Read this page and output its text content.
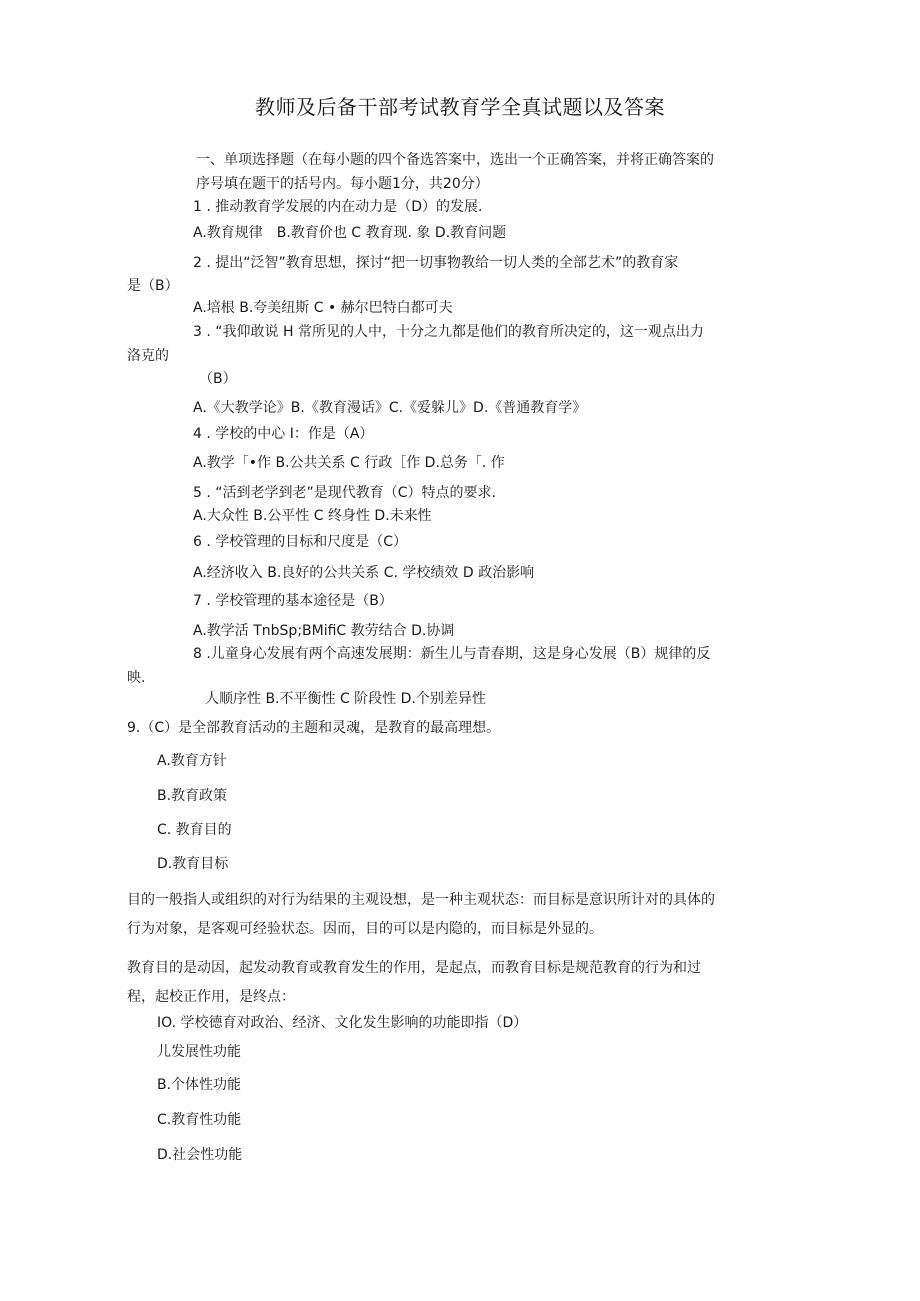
教师及后备干部考试教育学全真试题以及答案
一、单项选择题（在每小题的四个备选答案中，选出一个正确答案，并将正确答案的
序号填在题干的括号内。每小题1分，共20分）
1 . 推动教育学发展的内在动力是（D）的发展.
A.教育规律　B.教育价也 C 教育现. 象 D.教育问题
2 . 提出“泛智”教育思想，探讨“把一切事物教给一切人类的全部艺术”的教育家
是（B）
A.培根 B.夸美纽斯 C • 赫尔巴特白都可夫
3 . “我仰敢说 H 常所见的人中，十分之九都是他们的教育所决定的，这一观点出力
洛克的
（B）
A.《大教学论》B.《教育漫话》C.《爱躲儿》D.《普通教育学》
4 . 学校的中心 I：作是（A）
A.教学「•作 B.公共关系 C 行政［作 D.总务「. 作
5 . “活到老学到老”是现代教育（C）特点的要求.
A.大众性 B.公平性 C 终身性 D.未来性
6 . 学校管理的目标和尺度是（C）
A.经济收入 B.良好的公共关系 C. 学校绩效 D 政治影响
7 . 学校管理的基本途径是（B）
A.教学活 TnbSp;BMifiC 教劳结合 D.协调
8 .儿童身心发展有两个高速发展期：新生儿与青春期，这是身心发展（B）规律的反
映.
人顺序性 B.不平衡性 C 阶段性 D.个别差异性
9.（C）是全部教育活动的主题和灵魂，是教育的最高理想。
A.教育方针
B.教育政策
C. 教育目的
D.教育目标
目的一般指人或组织的对行为结果的主观设想，是一种主观状态：而目标是意识所计对的具体的
行为对象，是客观可经验状态。因而，目的可以是内隐的，而目标是外显的。
教育目的是动因，起发动教育或教育发生的作用，是起点，而教育目标是规范教育的行为和过
程，起校正作用，是终点：
IO. 学校德育对政治、经济、文化发生影响的功能即指（D）
儿发展性功能
B.个体性功能
C.教育性功能
D.社会性功能
